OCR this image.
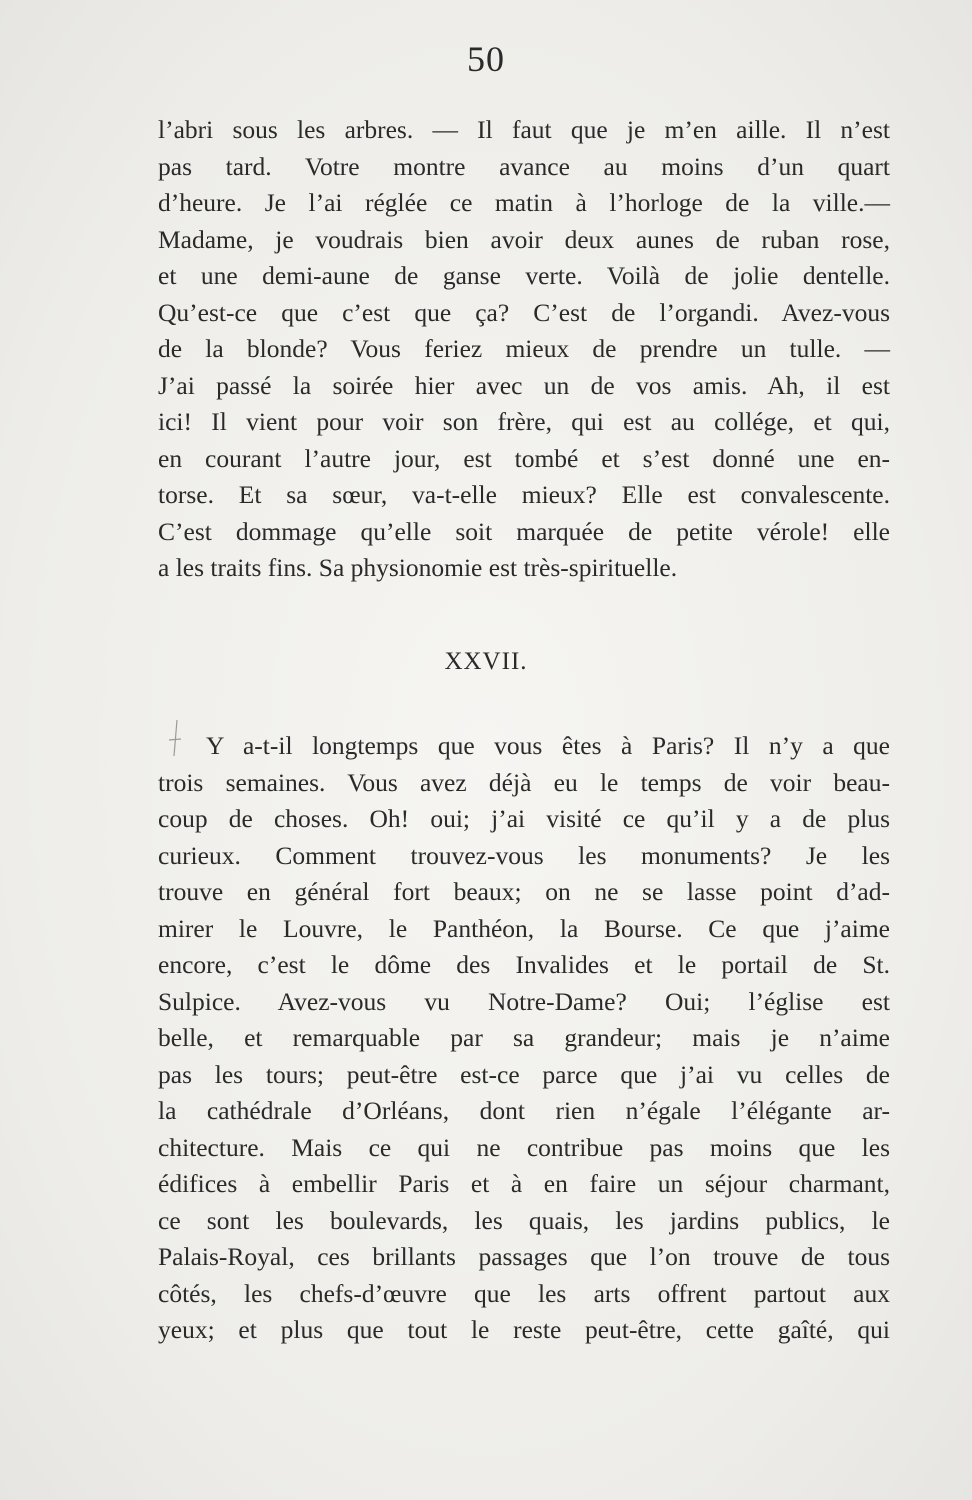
50
l’abri sous les arbres. — Il faut que je m’en aille. Il n’est
pas tard. Votre montre avance au moins d’un quart
d’heure. Je l’ai réglée ce matin à l’horloge de la ville.—
Madame, je voudrais bien avoir deux aunes de ruban rose,
et une demi-aune de ganse verte. Voilà de jolie dentelle.
Qu’est-ce que c’est que ça? C’est de l’organdi. Avez-vous
de la blonde? Vous feriez mieux de prendre un tulle. —
J’ai passé la soirée hier avec un de vos amis. Ah, il est
ici! Il vient pour voir son frère, qui est au collége, et qui,
en courant l’autre jour, est tombé et s’est donné une en-
torse. Et sa sœur, va-t-elle mieux? Elle est convalescente.
C’est dommage qu’elle soit marquée de petite vérole! elle
a les traits fins. Sa physionomie est très-spirituelle.
XXVII.
Y a-t-il longtemps que vous êtes à Paris? Il n’y a que
trois semaines. Vous avez déjà eu le temps de voir beau-
coup de choses. Oh! oui; j’ai visité ce qu’il y a de plus
curieux. Comment trouvez-vous les monuments? Je les
trouve en général fort beaux; on ne se lasse point d’ad-
mirer le Louvre, le Panthéon, la Bourse. Ce que j’aime
encore, c’est le dôme des Invalides et le portail de St.
Sulpice. Avez-vous vu Notre-Dame? Oui; l’église est
belle, et remarquable par sa grandeur; mais je n’aime
pas les tours; peut-être est-ce parce que j’ai vu celles de
la cathédrale d’Orléans, dont rien n’égale l’élégante ar-
chitecture. Mais ce qui ne contribue pas moins que les
édifices à embellir Paris et à en faire un séjour charmant,
ce sont les boulevards, les quais, les jardins publics, le
Palais-Royal, ces brillants passages que l’on trouve de tous
côtés, les chefs-d’œuvre que les arts offrent partout aux
yeux; et plus que tout le reste peut-être, cette gaîté, qui
